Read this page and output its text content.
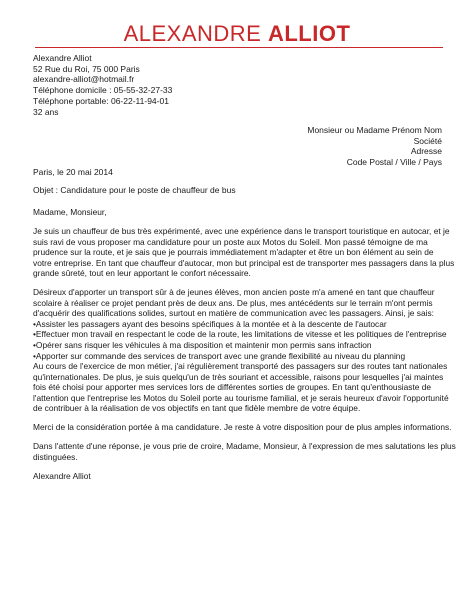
ALEXANDRE ALLIOT
Alexandre Alliot
52 Rue du Roi, 75 000 Paris
alexandre-alliot@hotmail.fr
Téléphone domicile : 05-55-32-27-33
Téléphone portable: 06-22-11-94-01
32 ans
Monsieur ou Madame Prénom Nom
Société
Adresse
Code Postal / Ville / Pays
Paris, le 20 mai 2014
Objet : Candidature pour le poste de chauffeur de bus

Madame, Monsieur,

Je suis un chauffeur de bus très expérimenté, avec une expérience dans le transport touristique en autocar, et je
suis ravi de vous proposer ma candidature pour un poste aux Motos du Soleil. Mon passé témoigne de ma
prudence sur la route, et je sais que je pourrais immédiatement m'adapter et être un bon élément au sein de
votre entreprise. En tant que chauffeur d'autocar, mon but principal est de transporter mes passagers dans la plus
grande sûreté, tout en leur apportant le confort nécessaire.

Désireux d'apporter un transport sûr à de jeunes élèves, mon ancien poste m'a amené en tant que chauffeur
scolaire à réaliser ce projet pendant près de deux ans. De plus, mes antécédents sur le terrain m'ont permis
d'acquérir des qualifications solides, surtout en matière de communication avec les passagers. Ainsi, je sais:
•Assister les passagers ayant des besoins spécifiques à la montée et à la descente de l'autocar
•Effectuer mon travail en respectant le code de la route, les limitations de vitesse et les politiques de l'entreprise
•Opérer sans risquer les véhicules à ma disposition et maintenir mon permis sans infraction
•Apporter sur commande des services de transport avec une grande flexibilité au niveau du planning
Au cours de l'exercice de mon métier, j'ai régulièrement transporté des passagers sur des routes tant nationales
qu'internationales. De plus, je suis quelqu'un de très souriant et accessible, raisons pour lesquelles j'ai maintes
fois été choisi pour apporter mes services lors de différentes sorties de groupes. En tant qu'enthousiaste de
l'attention que l'entreprise les Motos du Soleil porte au tourisme familial, et je serais heureux d'avoir l'opportunité
de contribuer à la réalisation de vos objectifs en tant que fidèle membre de votre équipe.

Merci de la considération portée à ma candidature. Je reste à votre disposition pour de plus amples informations.

Dans l'attente d'une réponse, je vous prie de croire, Madame, Monsieur, à l'expression de mes salutations les plus
distinguées.

Alexandre Alliot
